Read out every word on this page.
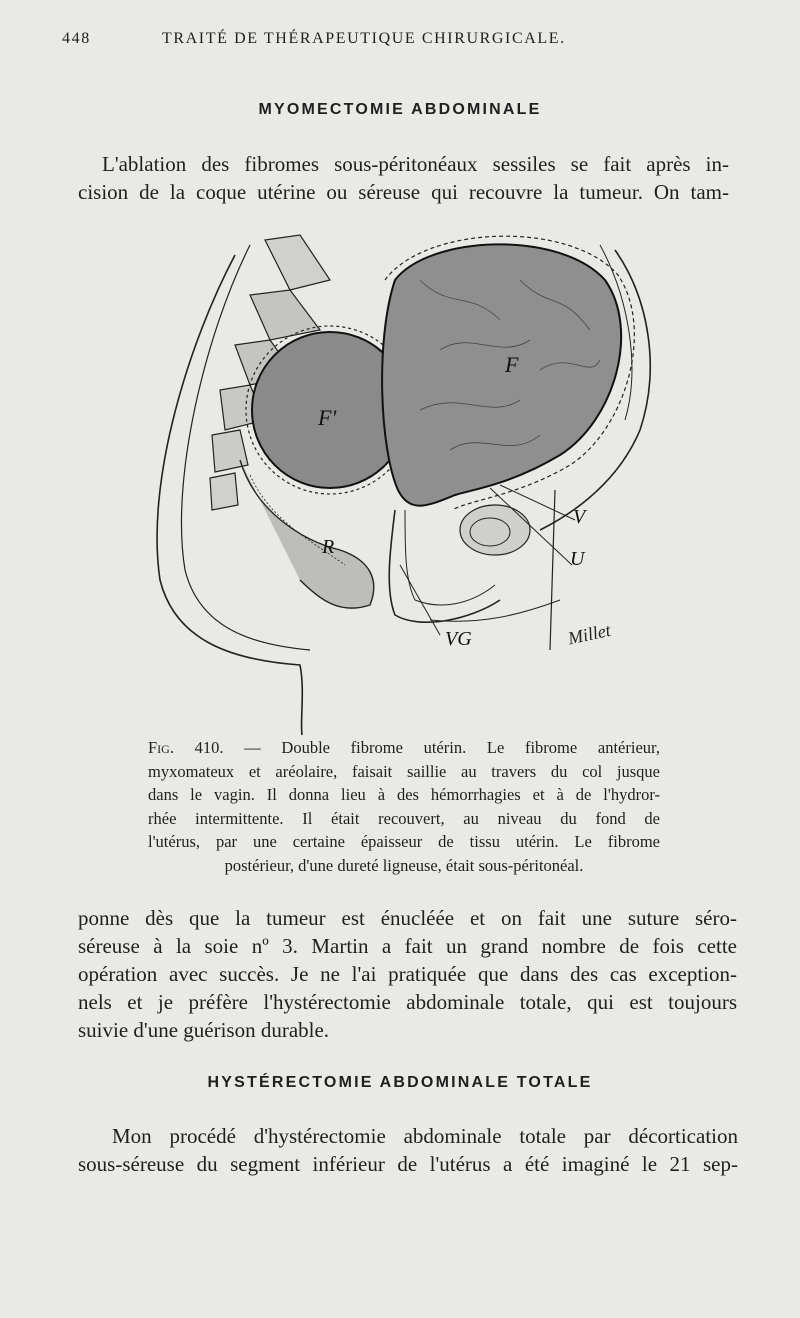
448	TRAITÉ DE THÉRAPEUTIQUE CHIRURGICALE.
MYOMECTOMIE ABDOMINALE
L'ablation des fibromes sous-péritonéaux sessiles se fait après in-
cision de la coque utérine ou séreuse qui recouvre la tumeur. On tam-
F'
F
R
V
U
VG	Millet
Fig. 410. — Double fibrome utérin. Le fibrome antérieur,
myxomateux et aréolaire, faisait saillie au travers du col jusque
dans le vagin. Il donna lieu à des hémorrhagies et à de l'hydror-
rhée intermittente. Il était recouvert, au niveau du fond de
l'utérus, par une certaine épaisseur de tissu utérin. Le fibrome
postérieur, d'une dureté ligneuse, était sous-péritonéal.
ponne dès que la tumeur est énucléée et on fait une suture séro-
séreuse à la soie nº 3. Martin a fait un grand nombre de fois cette
opération avec succès. Je ne l'ai pratiquée que dans des cas exception-
nels et je préfère l'hystérectomie abdominale totale, qui est toujours
suivie d'une guérison durable.
HYSTÉRECTOMIE ABDOMINALE TOTALE
Mon procédé d'hystérectomie abdominale totale par décortication
sous-séreuse du segment inférieur de l'utérus a été imaginé le 21 sep-
